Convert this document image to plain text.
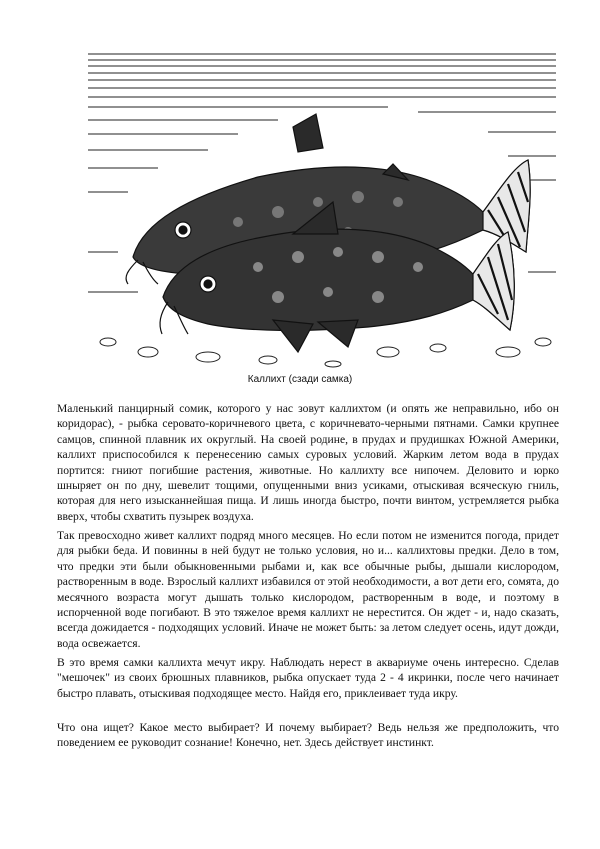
Каллихт (сзади самка)

Маленький панцирный сомик, которого у нас зовут каллихтом (и опять же неправильно, ибо он коридорас), - рыбка серовато-коричневого цвета, с коричневато-черными пятнами. Самки крупнее самцов, спинной плавник их округлый. На своей родине, в прудах и прудишках Южной Америки, каллихт приспособился к перенесению самых суровых условий. Жарким летом вода в прудах портится: гниют погибшие растения, животные. Но каллихту все нипочем. Деловито и юрко шныряет он по дну, шевелит тощими, опущенными вниз усиками, отыскивая всяческую гниль, которая для него изысканнейшая пища. И лишь иногда быстро, почти винтом, устремляется рыбка вверх, чтобы схватить пузырек воздуха.

Так превосходно живет каллихт подряд много месяцев. Но если потом не изменится погода, придет для рыбки беда. И повинны в ней будут не только условия, но и... каллихтовы предки. Дело в том, что предки эти были обыкновенными рыбами и, как все обычные рыбы, дышали кислородом, растворенным в воде. Взрослый каллихт избавился от этой необходимости, а вот дети его, сомята, до месячного возраста могут дышать только кислородом, растворенным в воде, и поэтому в испорченной воде погибают. В это тяжелое время каллихт не нерестится. Он ждет - и, надо сказать, всегда дожидается - подходящих условий. Иначе не может быть: за летом следует осень, идут дожди, вода освежается.

В это время самки каллихта мечут икру. Наблюдать нерест в аквариуме очень интересно. Сделав "мешочек" из своих брюшных плавников, рыбка опускает туда 2 - 4 икринки, после чего начинает быстро плавать, отыскивая подходящее место. Найдя его, приклеивает туда икру.

Что она ищет? Какое место выбирает? И почему выбирает? Ведь нельзя же предположить, что поведением ее руководит сознание! Конечно, нет. Здесь действует инстинкт.
